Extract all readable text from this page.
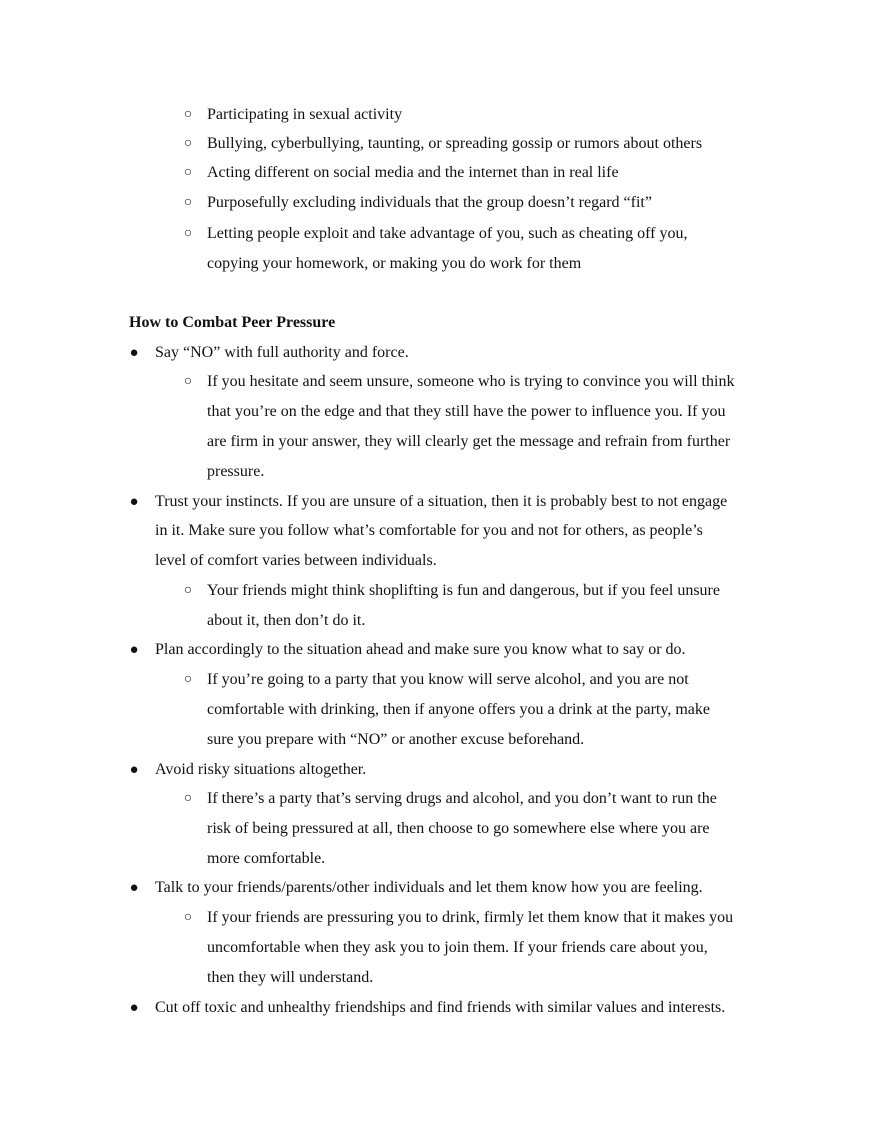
○ Participating in sexual activity
○ Bullying, cyberbullying, taunting, or spreading gossip or rumors about others
○ Acting different on social media and the internet than in real life
○ Purposefully excluding individuals that the group doesn’t regard “fit”
○ Letting people exploit and take advantage of you, such as cheating off you,
copying your homework, or making you do work for them
How to Combat Peer Pressure
● Say “NO” with full authority and force.
○ If you hesitate and seem unsure, someone who is trying to convince you will think
that you’re on the edge and that they still have the power to influence you. If you
are firm in your answer, they will clearly get the message and refrain from further
pressure.
● Trust your instincts. If you are unsure of a situation, then it is probably best to not engage
in it. Make sure you follow what’s comfortable for you and not for others, as people’s
level of comfort varies between individuals.
○ Your friends might think shoplifting is fun and dangerous, but if you feel unsure
about it, then don’t do it.
● Plan accordingly to the situation ahead and make sure you know what to say or do.
○ If you’re going to a party that you know will serve alcohol, and you are not
comfortable with drinking, then if anyone offers you a drink at the party, make
sure you prepare with “NO” or another excuse beforehand.
● Avoid risky situations altogether.
○ If there’s a party that’s serving drugs and alcohol, and you don’t want to run the
risk of being pressured at all, then choose to go somewhere else where you are
more comfortable.
● Talk to your friends/parents/other individuals and let them know how you are feeling.
○ If your friends are pressuring you to drink, firmly let them know that it makes you
uncomfortable when they ask you to join them. If your friends care about you,
then they will understand.
● Cut off toxic and unhealthy friendships and find friends with similar values and interests.
